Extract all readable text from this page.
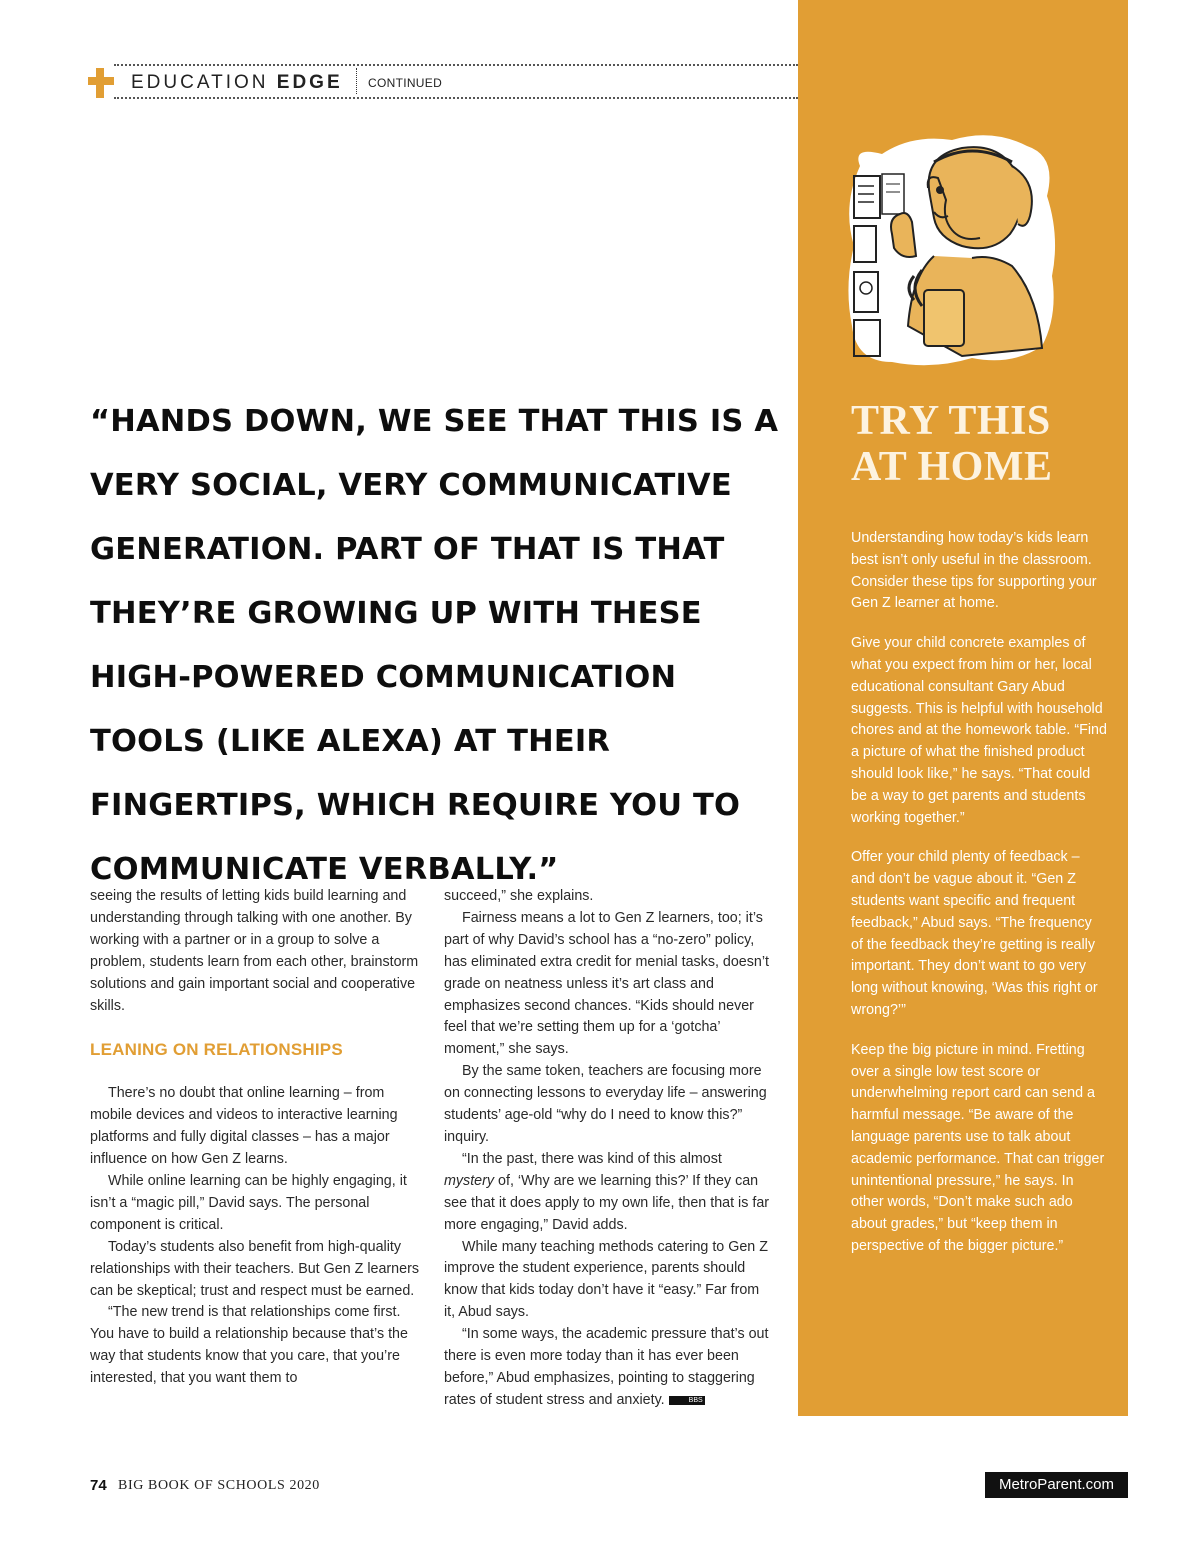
EDUCATION EDGE CONTINUED
TRY THIS
AT HOME

Understanding how today’s kids learn best isn’t only useful in the classroom. Consider these tips for supporting your Gen Z learner at home.

Give your child concrete examples of what you expect from him or her, local educational consultant Gary Abud suggests. This is helpful with household chores and at the homework table. “Find a picture of what the finished product should look like,” he says. “That could be a way to get parents and students working together.”

Offer your child plenty of feedback – and don’t be vague about it. “Gen Z students want specific and frequent feedback,” Abud says. “The frequency of the feedback they’re getting is really important. They don’t want to go very long without knowing, ‘Was this right or wrong?’”

Keep the big picture in mind. Fretting over a single low test score or underwhelming report card can send a harmful message. “Be aware of the language parents use to talk about academic performance. That can trigger unintentional pressure,” he says. In other words, “Don’t make such ado about grades,” but “keep them in perspective of the bigger picture.”

“HANDS DOWN, WE SEE THAT THIS IS A VERY SOCIAL, VERY COMMUNICATIVE GENERATION. PART OF THAT IS THAT THEY’RE GROWING UP WITH THESE HIGH-POWERED COMMUNICATION TOOLS (LIKE ALEXA) AT THEIR FINGERTIPS, WHICH REQUIRE YOU TO COMMUNICATE VERBALLY.”

seeing the results of letting kids build learning and understanding through talking with one another. By working with a partner or in a group to solve a problem, students learn from each other, brainstorm solutions and gain important social and cooperative skills.

LEANING ON RELATIONSHIPS

There’s no doubt that online learning – from mobile devices and videos to interactive learning platforms and fully digital classes – has a major influence on how Gen Z learns.

While online learning can be highly engaging, it isn’t a “magic pill,” David says. The personal component is critical.

Today’s students also benefit from high-quality relationships with their teachers. But Gen Z learners can be skeptical; trust and respect must be earned.

“The new trend is that relationships come first. You have to build a relationship because that’s the way that students know that you care, that you’re interested, that you want them to

succeed,” she explains.

Fairness means a lot to Gen Z learners, too; it’s part of why David’s school has a “no-zero” policy, has eliminated extra credit for menial tasks, doesn’t grade on neatness unless it’s art class and emphasizes second chances. “Kids should never feel that we’re setting them up for a ‘gotcha’ moment,” she says.

By the same token, teachers are focusing more on connecting lessons to everyday life – answering students’ age-old “why do I need to know this?” inquiry.

“In the past, there was kind of this almost mystery of, ‘Why are we learning this?’ If they can see that it does apply to my own life, then that is far more engaging,” David adds.

While many teaching methods catering to Gen Z improve the student experience, parents should know that kids today don’t have it “easy.” Far from it, Abud says.

“In some ways, the academic pressure that’s out there is even more today than it has ever been before,” Abud emphasizes, pointing to staggering rates of student stress and anxiety.	BBS

74 BIG BOOK OF SCHOOLS 2020	MetroParent.com
